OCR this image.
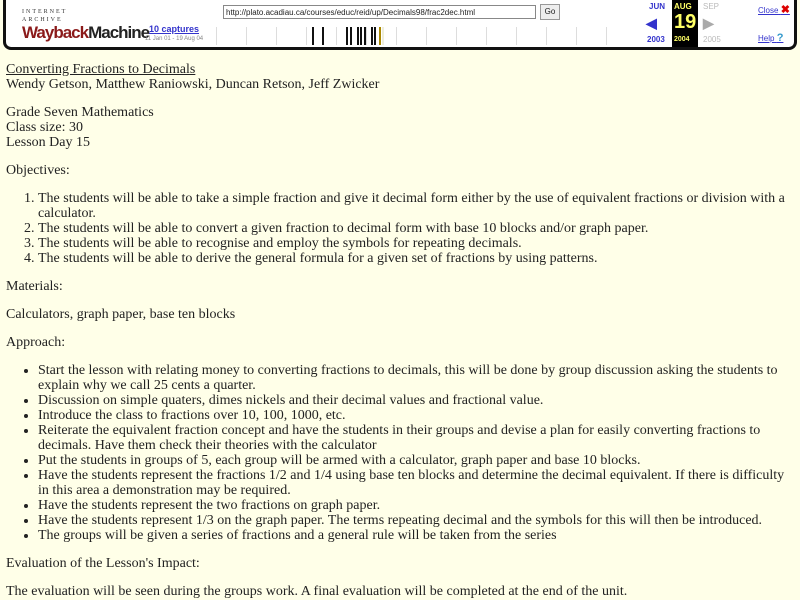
INTERNET ARCHIVE
WaybackMachine 10 captures
11 Jan 01 - 19 Aug 04
http://plato.acadiau.ca/courses/educ/reid/up/Decimals98/frac2dec.html
Go
JUN
◀
2003
AUG
19
2004
SEP
▶
2005
Close ✖
Help ?

Converting Fractions to Decimals

Wendy Getson, Matthew Raniowski, Duncan Retson, Jeff Zwicker

Grade Seven Mathematics

Class size: 30

Lesson Day 15

Objectives:

1. The students will be able to take a simple fraction and give it decimal form either by the use of equivalent fractions or division with a calculator.
2. The students will be able to convert a given fraction to decimal form with base 10 blocks and/or graph paper.
3. The students will be able to recognise and employ the symbols for repeating decimals.
4. The students will be able to derive the general formula for a given set of fractions by using patterns.

Materials:

Calculators, graph paper, base ten blocks

Approach:

• Start the lesson with relating money to converting fractions to decimals, this will be done by group discussion asking the students to explain why we call 25 cents a quarter.
• Discussion on simple quaters, dimes nickels and their decimal values and fractional value.
• Introduce the class to fractions over 10, 100, 1000, etc.
• Reiterate the equivalent fraction concept and have the students in their groups and devise a plan for easily converting fractions to decimals. Have them check their theories with the calculator
• Put the students in groups of 5, each group will be armed with a calculator, graph paper and base 10 blocks.
• Have the students represent the fractions 1/2 and 1/4 using base ten blocks and determine the decimal equivalent. If there is difficulty in this area a demonstration may be required.
• Have the students represent the two fractions on graph paper.
• Have the students represent 1/3 on the graph paper. The terms repeating decimal and the symbols for this will then be introduced.
• The groups will be given a series of fractions and a general rule will be taken from the series

Evaluation of the Lesson's Impact:

The evaluation will be seen during the groups work. A final evaluation will be completed at the end of the unit.
